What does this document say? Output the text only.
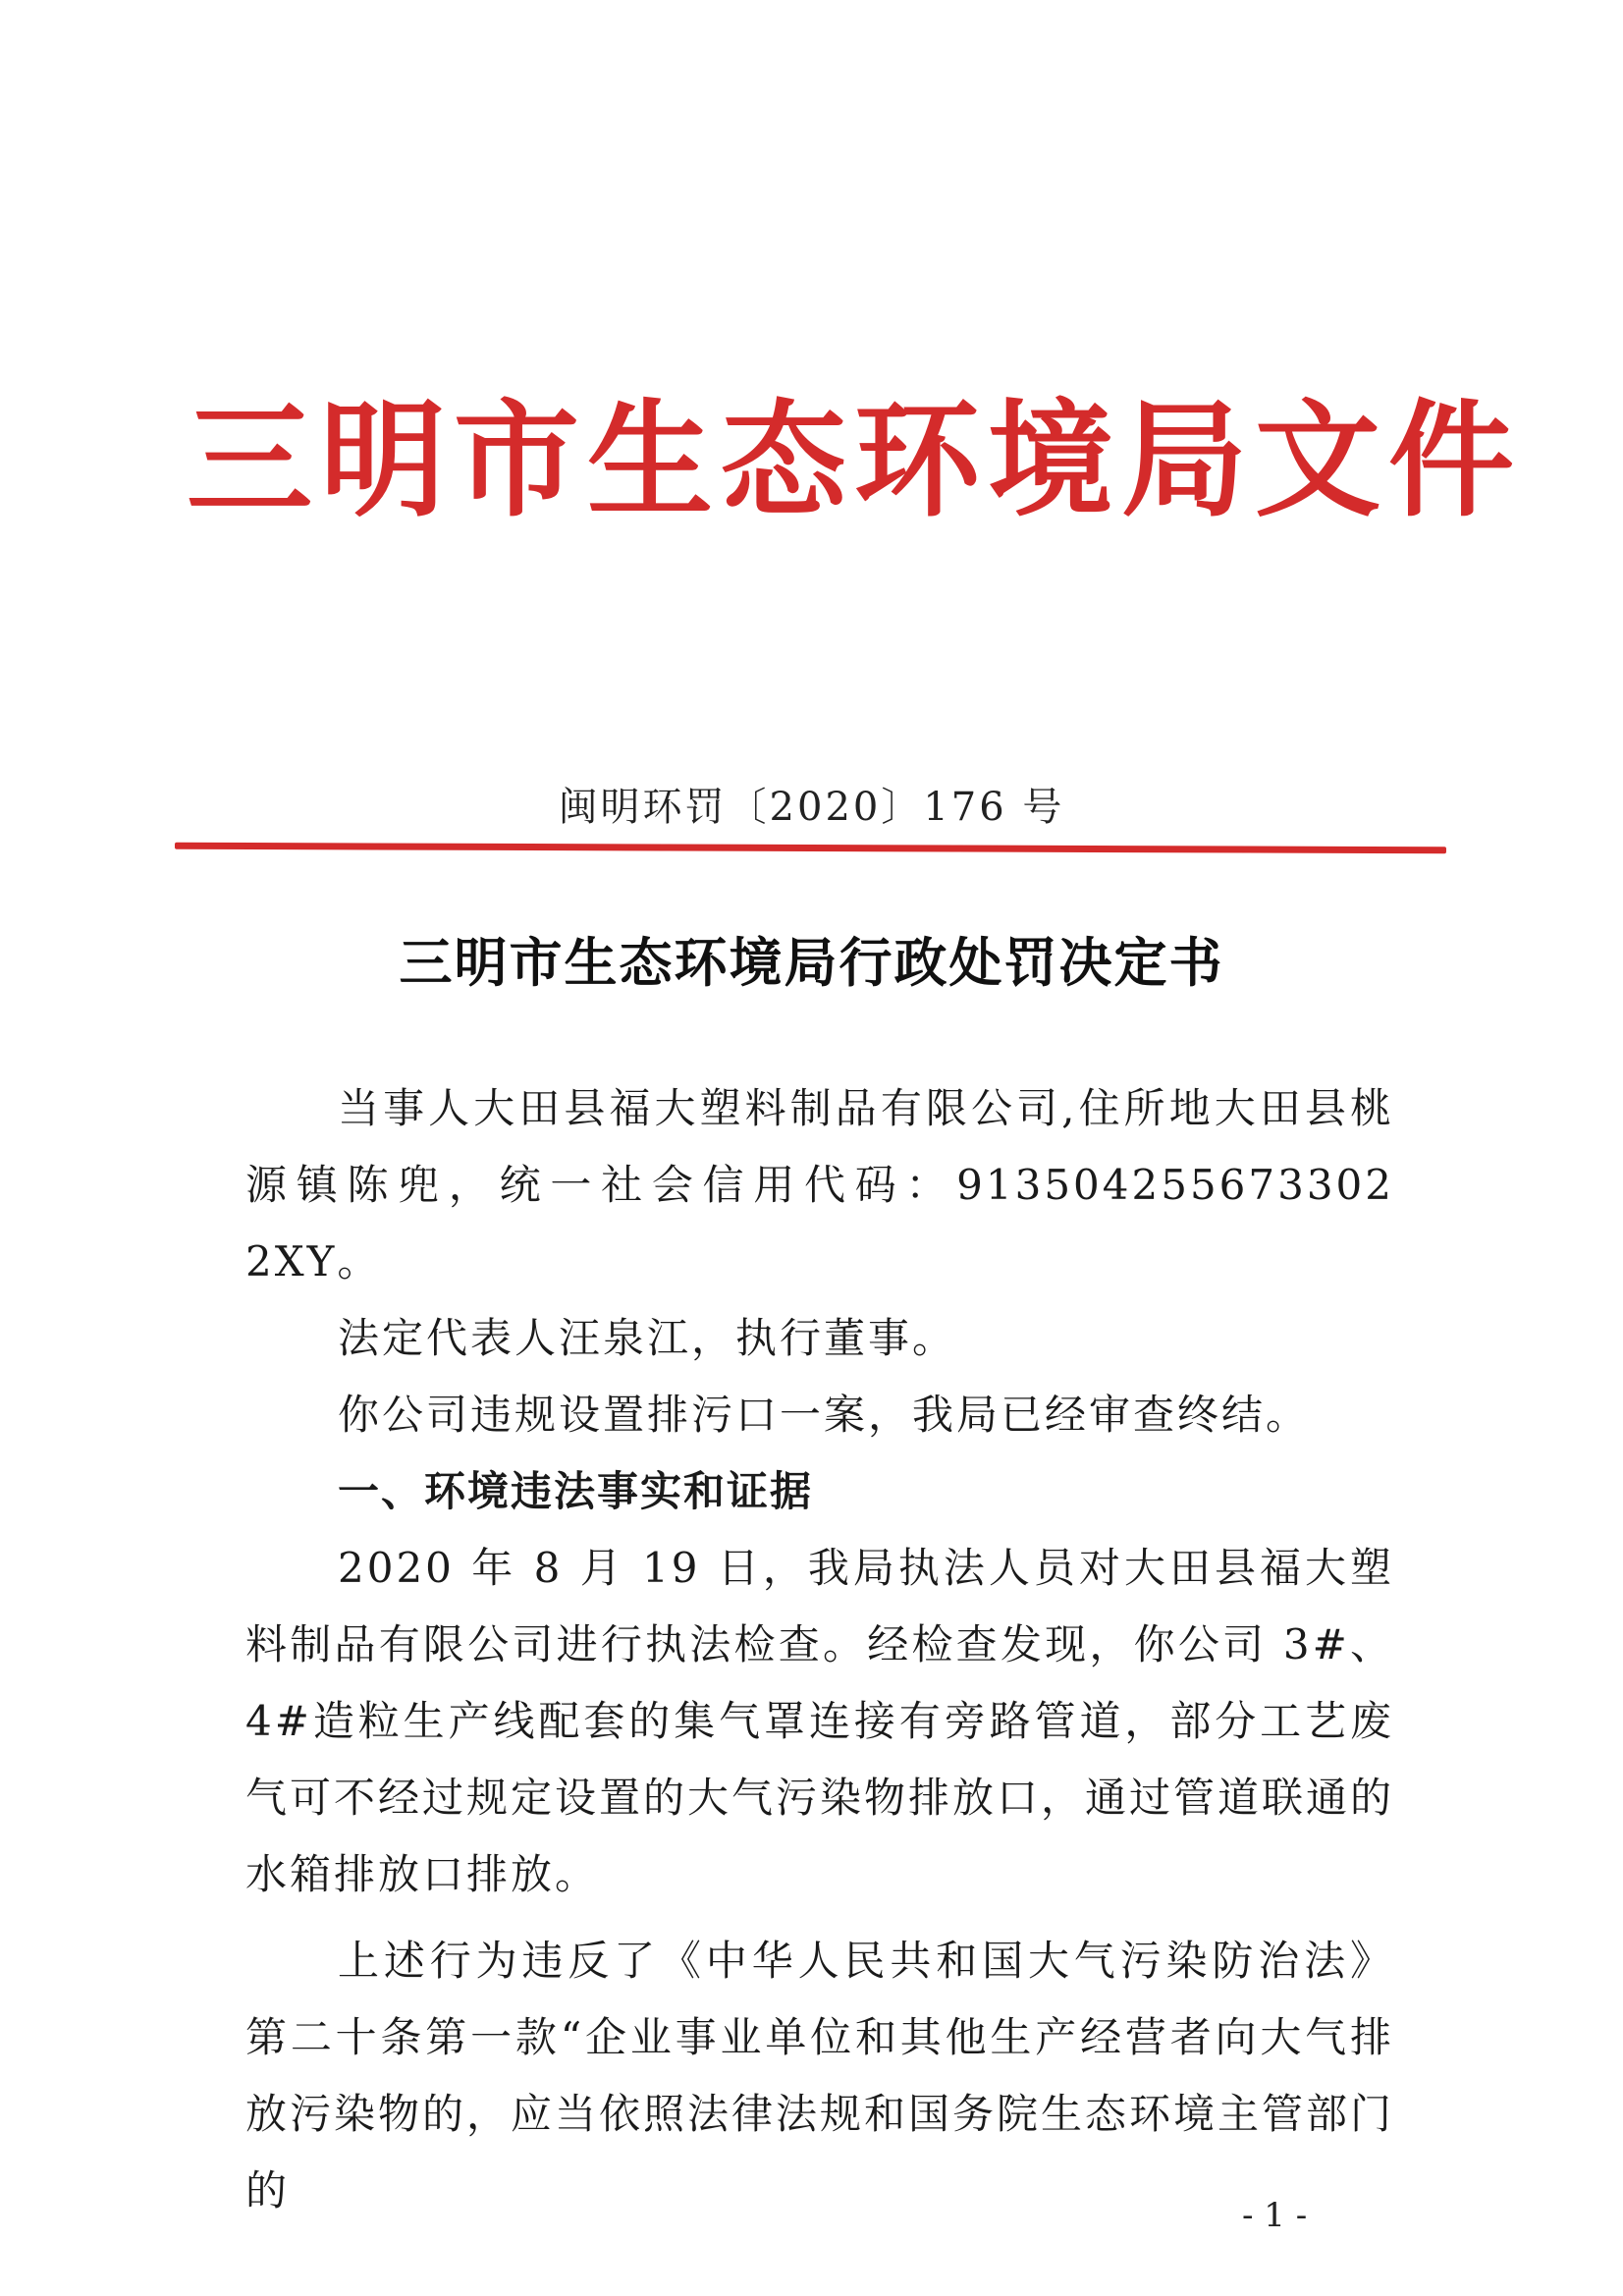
三明市生态环境局文件
闽明环罚〔2020〕176 号
三明市生态环境局行政处罚决定书

当事人大田县福大塑料制品有限公司,住所地大田县桃源镇陈兜，统一社会信用代码：913504255673302 2XY。

法定代表人汪泉江，执行董事。

你公司违规设置排污口一案，我局已经审查终结。

一、环境违法事实和证据

2020 年 8 月 19 日，我局执法人员对大田县福大塑料制品有限公司进行执法检查。经检查发现，你公司 3#、4#造粒生产线配套的集气罩连接有旁路管道，部分工艺废气可不经过规定设置的大气污染物排放口，通过管道联通的水箱排放口排放。

上述行为违反了《中华人民共和国大气污染防治法》第二十条第一款“企业事业单位和其他生产经营者向大气排放污染物的，应当依照法律法规和国务院生态环境主管部门的

- 1 -
